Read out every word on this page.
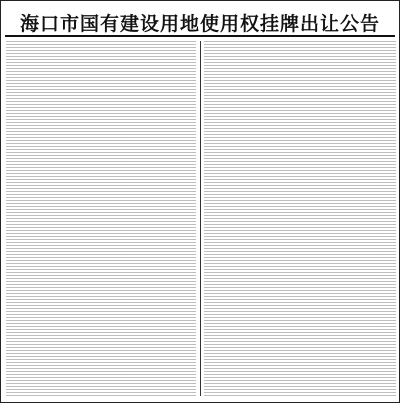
海口市国有建设用地使用权挂牌出让公告
